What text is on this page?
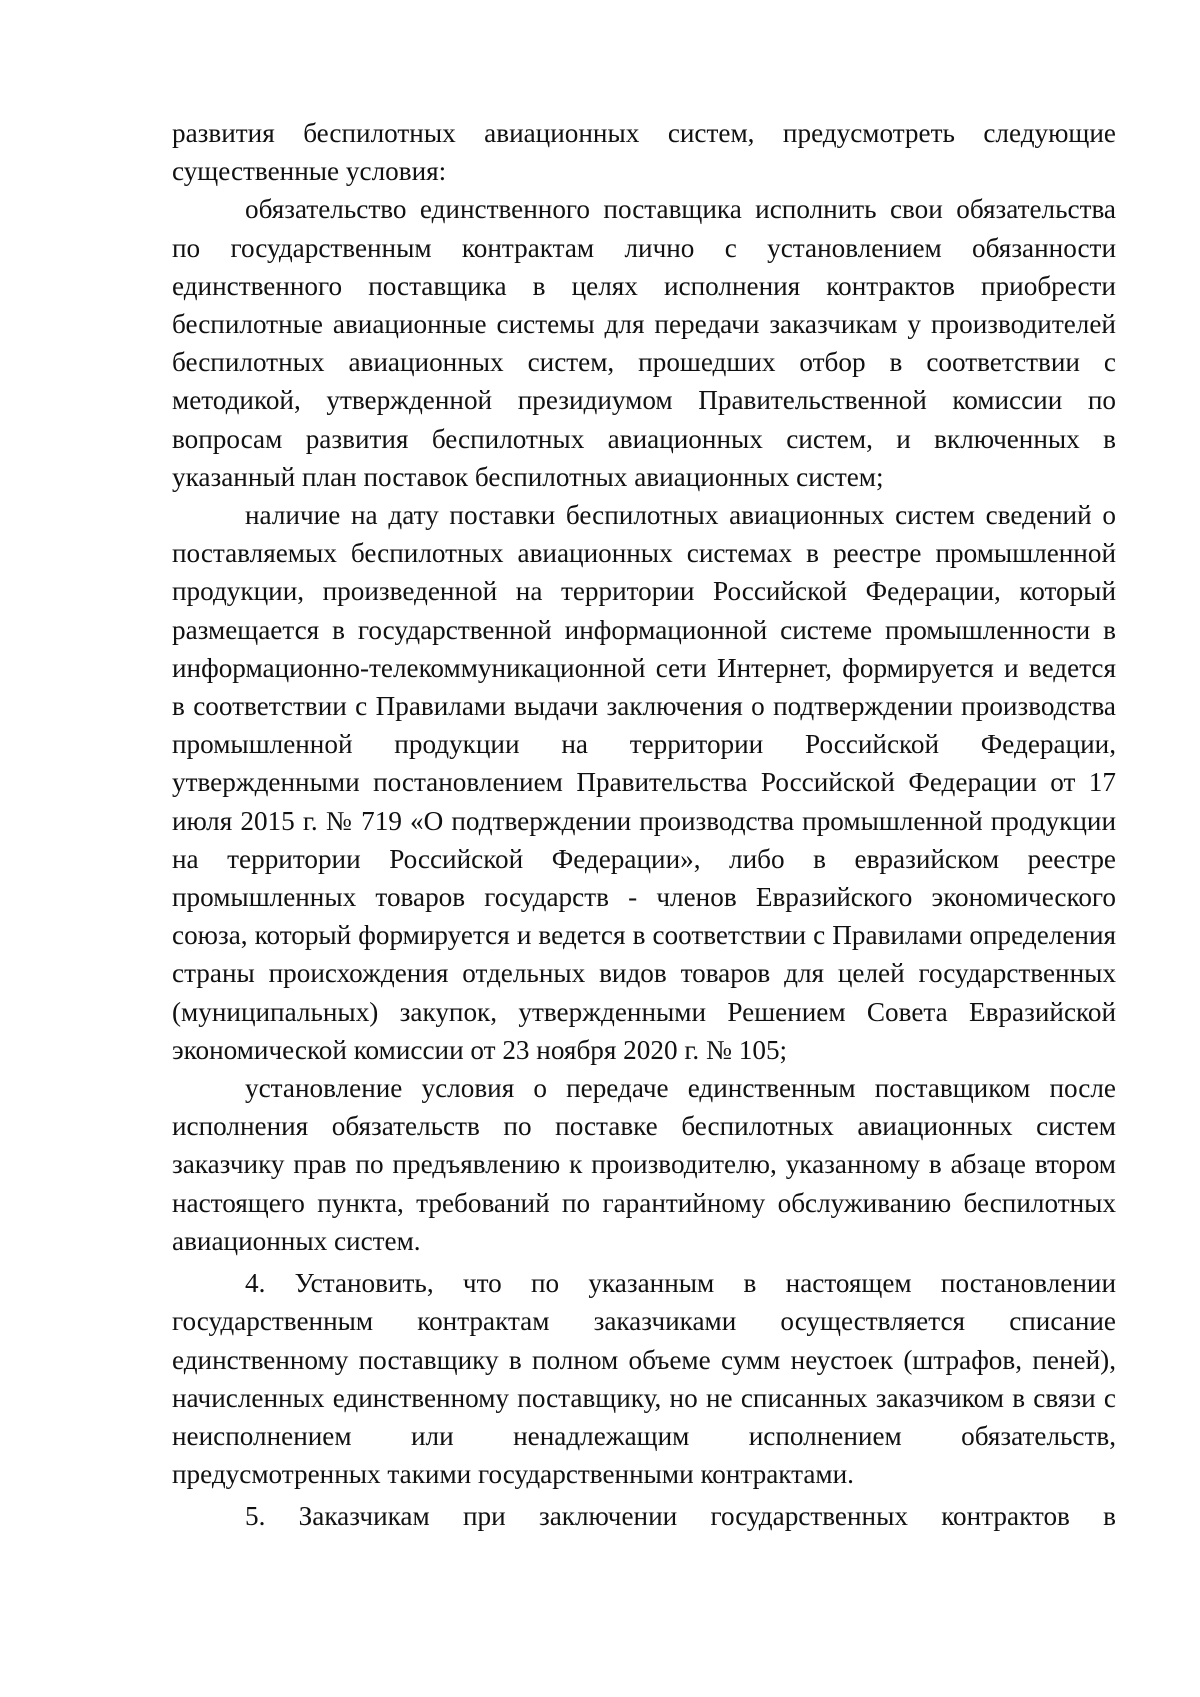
развития беспилотных авиационных систем, предусмотреть следующие существенные условия:

обязательство единственного поставщика исполнить свои обязательства по государственным контрактам лично с установлением обязанности единственного поставщика в целях исполнения контрактов приобрести беспилотные авиационные системы для передачи заказчикам у производителей беспилотных авиационных систем, прошедших отбор в соответствии с методикой, утвержденной президиумом Правительственной комиссии по вопросам развития беспилотных авиационных систем, и включенных в указанный план поставок беспилотных авиационных систем;

наличие на дату поставки беспилотных авиационных систем сведений о поставляемых беспилотных авиационных системах в реестре промышленной продукции, произведенной на территории Российской Федерации, который размещается в государственной информационной системе промышленности в информационно-телекоммуникационной сети Интернет, формируется и ведется в соответствии с Правилами выдачи заключения о подтверждении производства промышленной продукции на территории Российской Федерации, утвержденными постановлением Правительства Российской Федерации от 17 июля 2015 г. № 719 «О подтверждении производства промышленной продукции на территории Российской Федерации», либо в евразийском реестре промышленных товаров государств - членов Евразийского экономического союза, который формируется и ведется в соответствии с Правилами определения страны происхождения отдельных видов товаров для целей государственных (муниципальных) закупок, утвержденными Решением Совета Евразийской экономической комиссии от 23 ноября 2020 г. № 105;

установление условия о передаче единственным поставщиком после исполнения обязательств по поставке беспилотных авиационных систем заказчику прав по предъявлению к производителю, указанному в абзаце втором настоящего пункта, требований по гарантийному обслуживанию беспилотных авиационных систем.

4. Установить, что по указанным в настоящем постановлении государственным контрактам заказчиками осуществляется списание единственному поставщику в полном объеме сумм неустоек (штрафов, пеней), начисленных единственному поставщику, но не списанных заказчиком в связи с неисполнением или ненадлежащим исполнением обязательств, предусмотренных такими государственными контрактами.

5. Заказчикам при заключении государственных контрактов в
